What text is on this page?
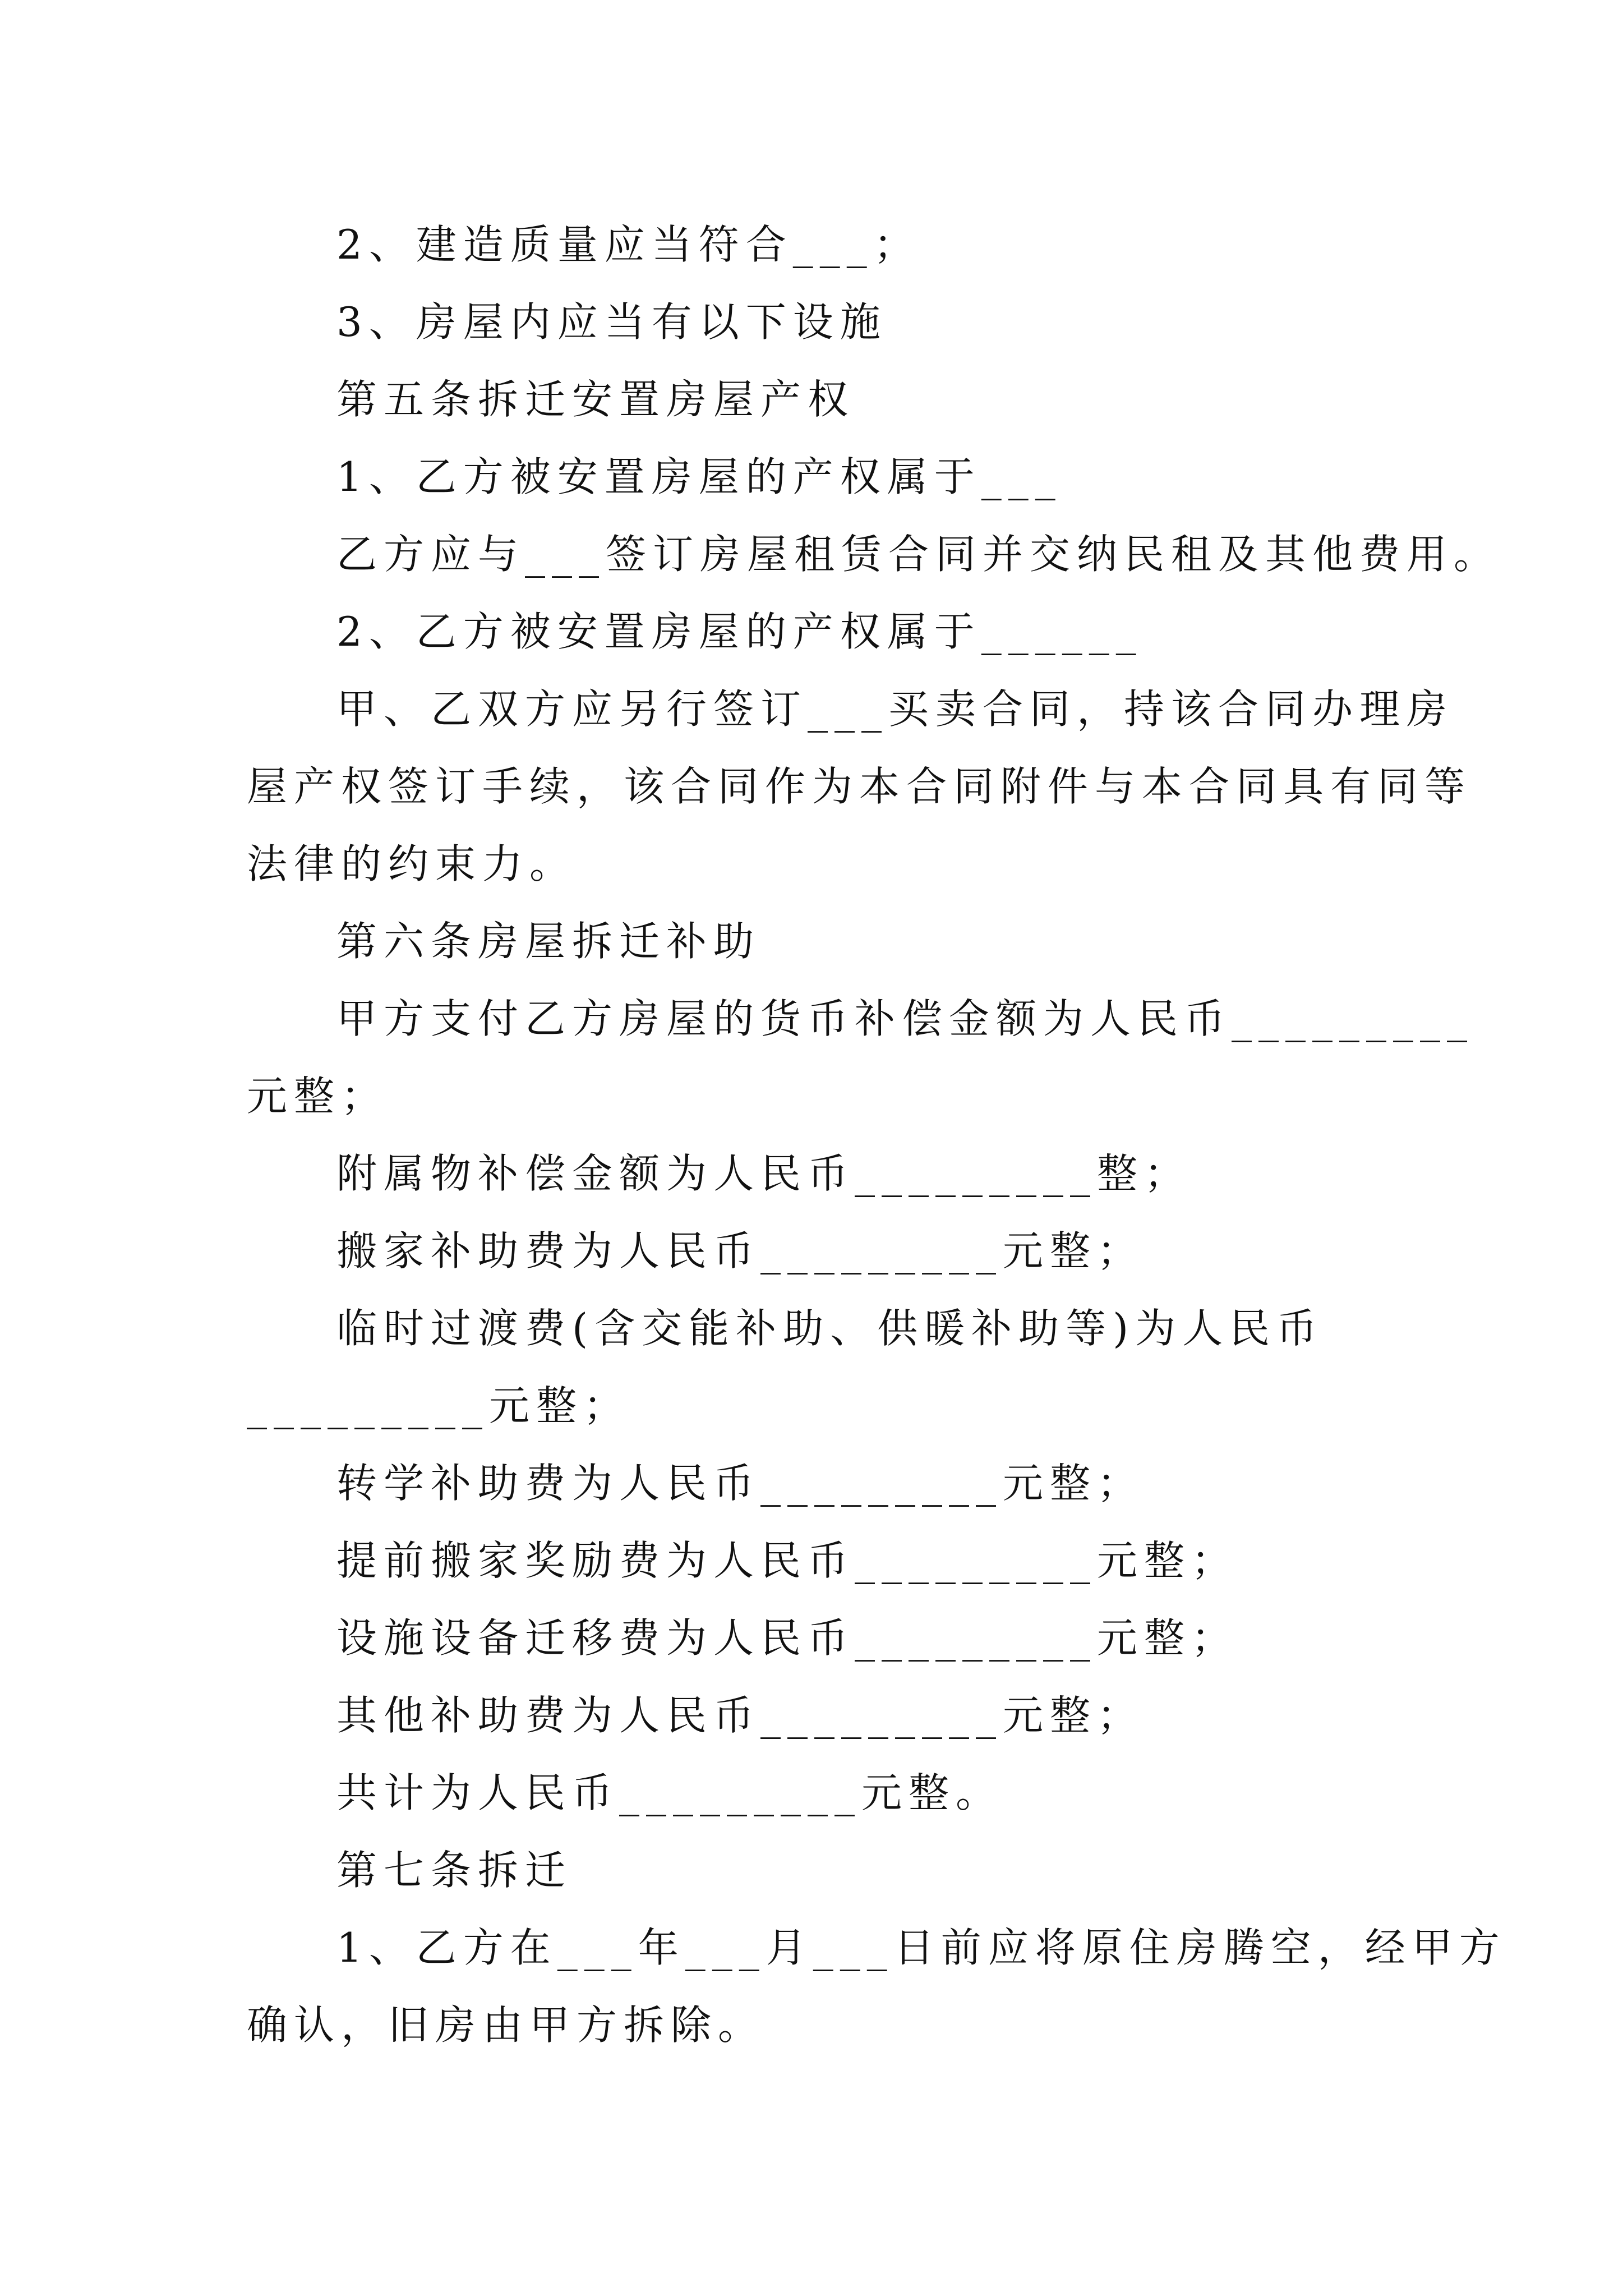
2、建造质量应当符合___；
3、房屋内应当有以下设施
第五条拆迁安置房屋产权
1、乙方被安置房屋的产权属于___
乙方应与___签订房屋租赁合同并交纳民租及其他费用。
2、乙方被安置房屋的产权属于______
甲、乙双方应另行签订___买卖合同，持该合同办理房
屋产权签订手续，该合同作为本合同附件与本合同具有同等
法律的约束力。
第六条房屋拆迁补助
甲方支付乙方房屋的货币补偿金额为人民币_________
元整；
附属物补偿金额为人民币_________整；
搬家补助费为人民币_________元整；
临时过渡费(含交能补助、供暖补助等)为人民币
_________元整；
转学补助费为人民币_________元整；
提前搬家奖励费为人民币_________元整；
设施设备迁移费为人民币_________元整；
其他补助费为人民币_________元整；
共计为人民币_________元整。
第七条拆迁
1、乙方在___年___月___日前应将原住房腾空，经甲方
确认，旧房由甲方拆除。
